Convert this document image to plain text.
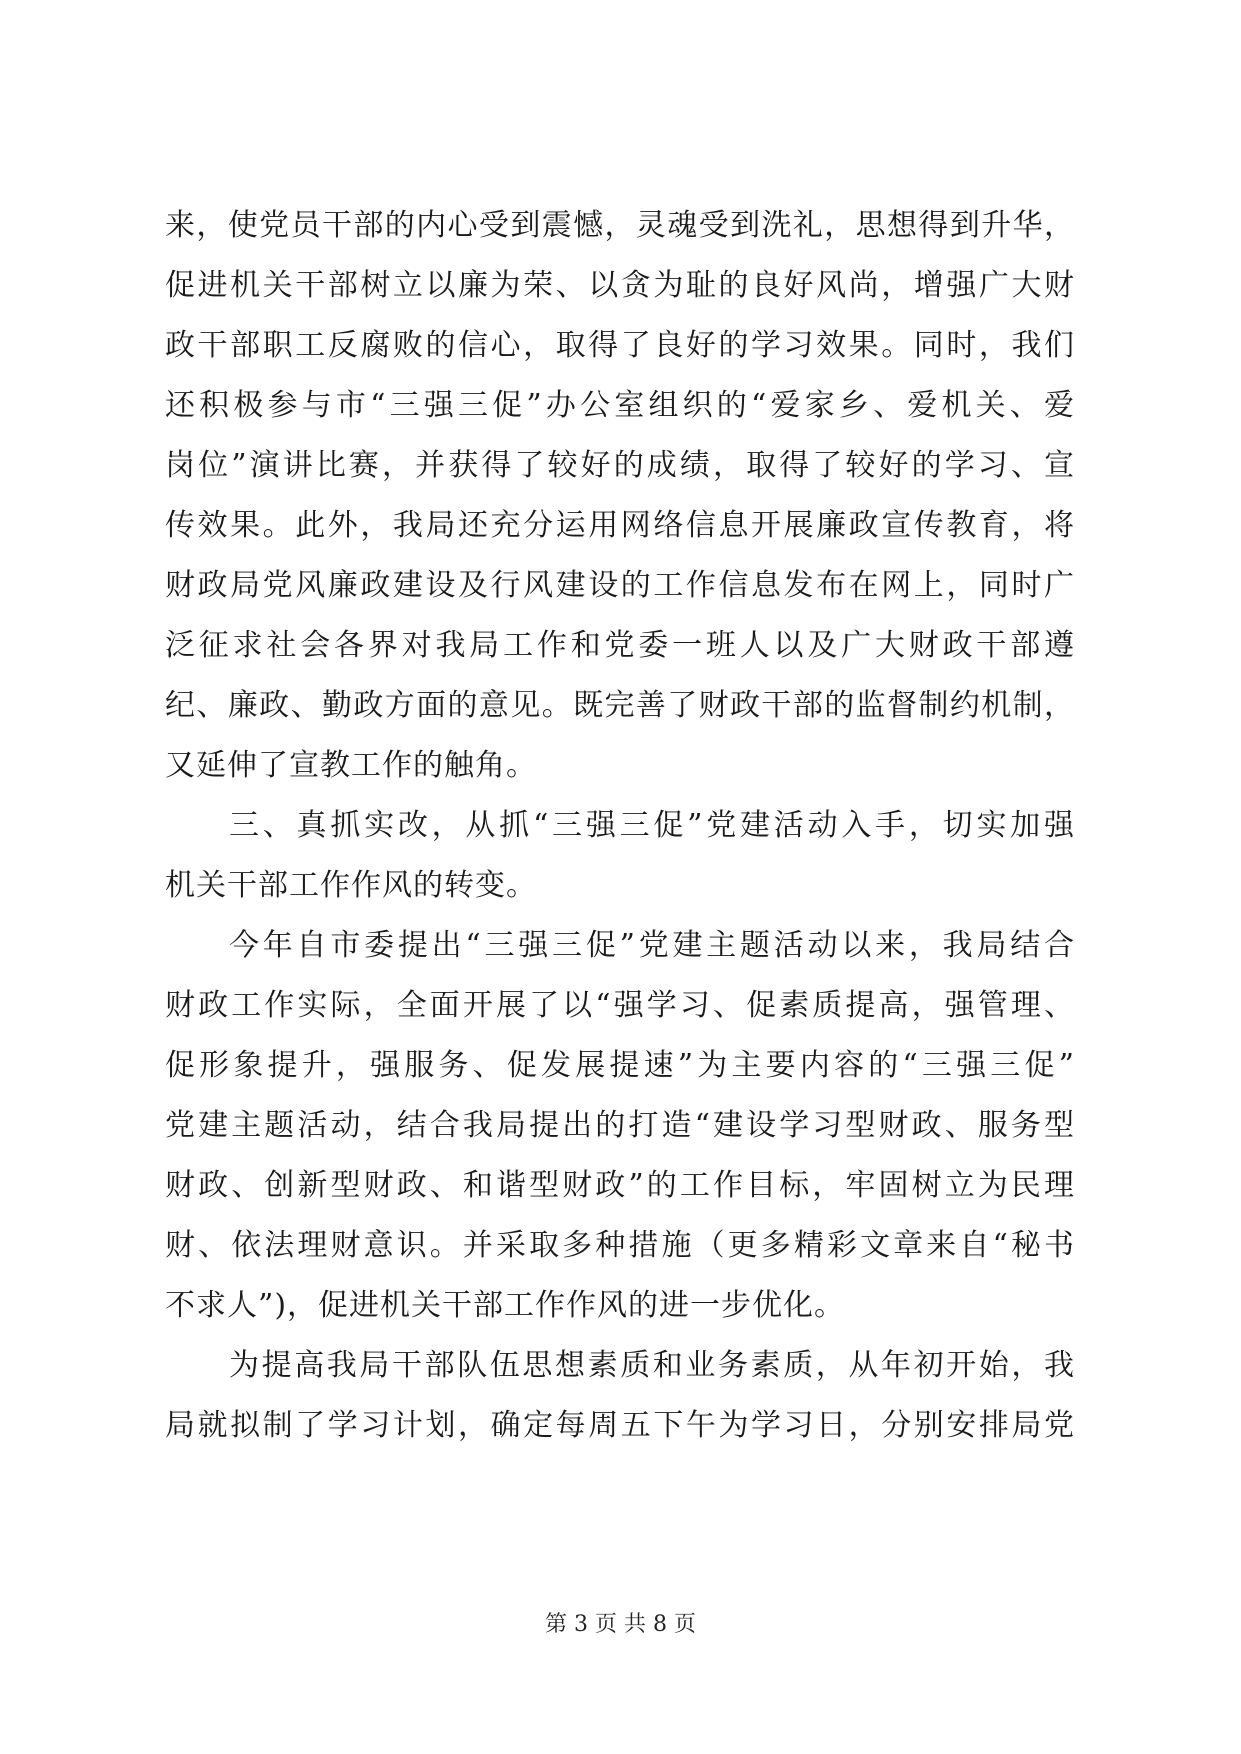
来，使党员干部的内心受到震憾，灵魂受到洗礼，思想得到升华，
促进机关干部树立以廉为荣、以贪为耻的良好风尚，增强广大财
政干部职工反腐败的信心，取得了良好的学习效果。同时，我们
还积极参与市“三强三促”办公室组织的“爱家乡、爱机关、爱
岗位”演讲比赛，并获得了较好的成绩，取得了较好的学习、宣
传效果。此外，我局还充分运用网络信息开展廉政宣传教育，将
财政局党风廉政建设及行风建设的工作信息发布在网上，同时广
泛征求社会各界对我局工作和党委一班人以及广大财政干部遵
纪、廉政、勤政方面的意见。既完善了财政干部的监督制约机制，
又延伸了宣教工作的触角。
三、真抓实改，从抓“三强三促”党建活动入手，切实加强
机关干部工作作风的转变。
今年自市委提出“三强三促”党建主题活动以来，我局结合
财政工作实际，全面开展了以“强学习、促素质提高，强管理、
促形象提升，强服务、促发展提速”为主要内容的“三强三促”
党建主题活动，结合我局提出的打造“建设学习型财政、服务型
财政、创新型财政、和谐型财政”的工作目标，牢固树立为民理
财、依法理财意识。并采取多种措施（更多精彩文章来自“秘书
不求人”)，促进机关干部工作作风的进一步优化。
为提高我局干部队伍思想素质和业务素质，从年初开始，我
局就拟制了学习计划，确定每周五下午为学习日，分别安排局党
第 3 页 共 8 页
